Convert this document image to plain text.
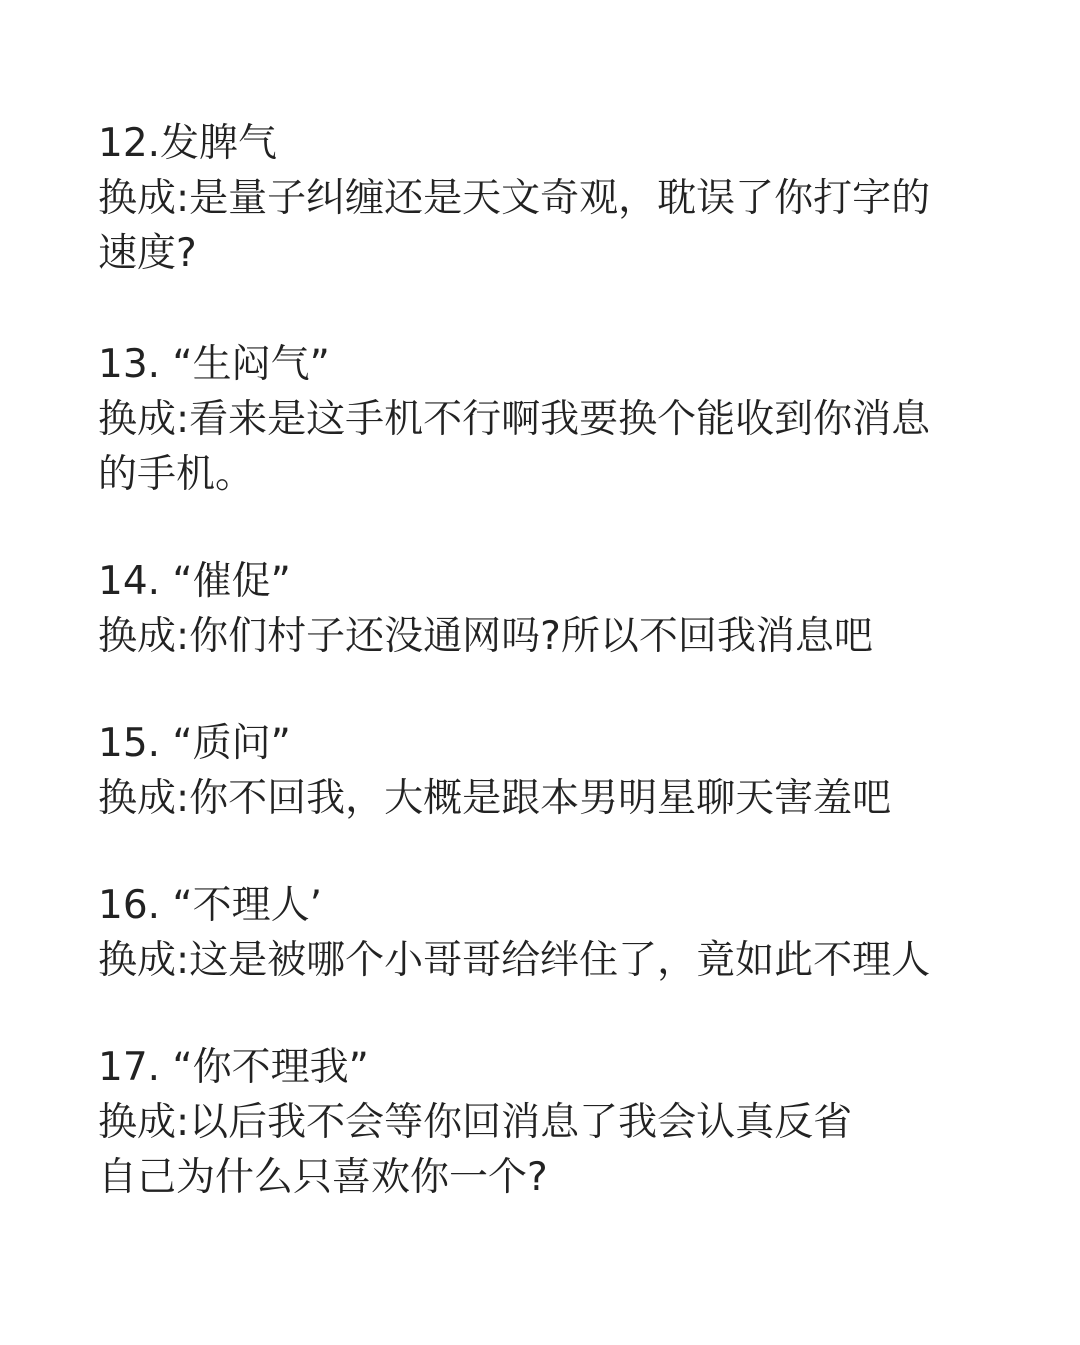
12.发脾气
换成:是量子纠缠还是天文奇观，耽误了你打字的
速度?
13. “生闷气”
换成:看来是这手机不行啊我要换个能收到你消息
的手机。
14. “催促”
换成:你们村子还没通网吗?所以不回我消息吧
15. “质问”
换成:你不回我，大概是跟本男明星聊天害羞吧
16. “不理人’
换成:这是被哪个小哥哥给绊住了，竟如此不理人
17. “你不理我”
换成:以后我不会等你回消息了我会认真反省
自己为什么只喜欢你一个?
